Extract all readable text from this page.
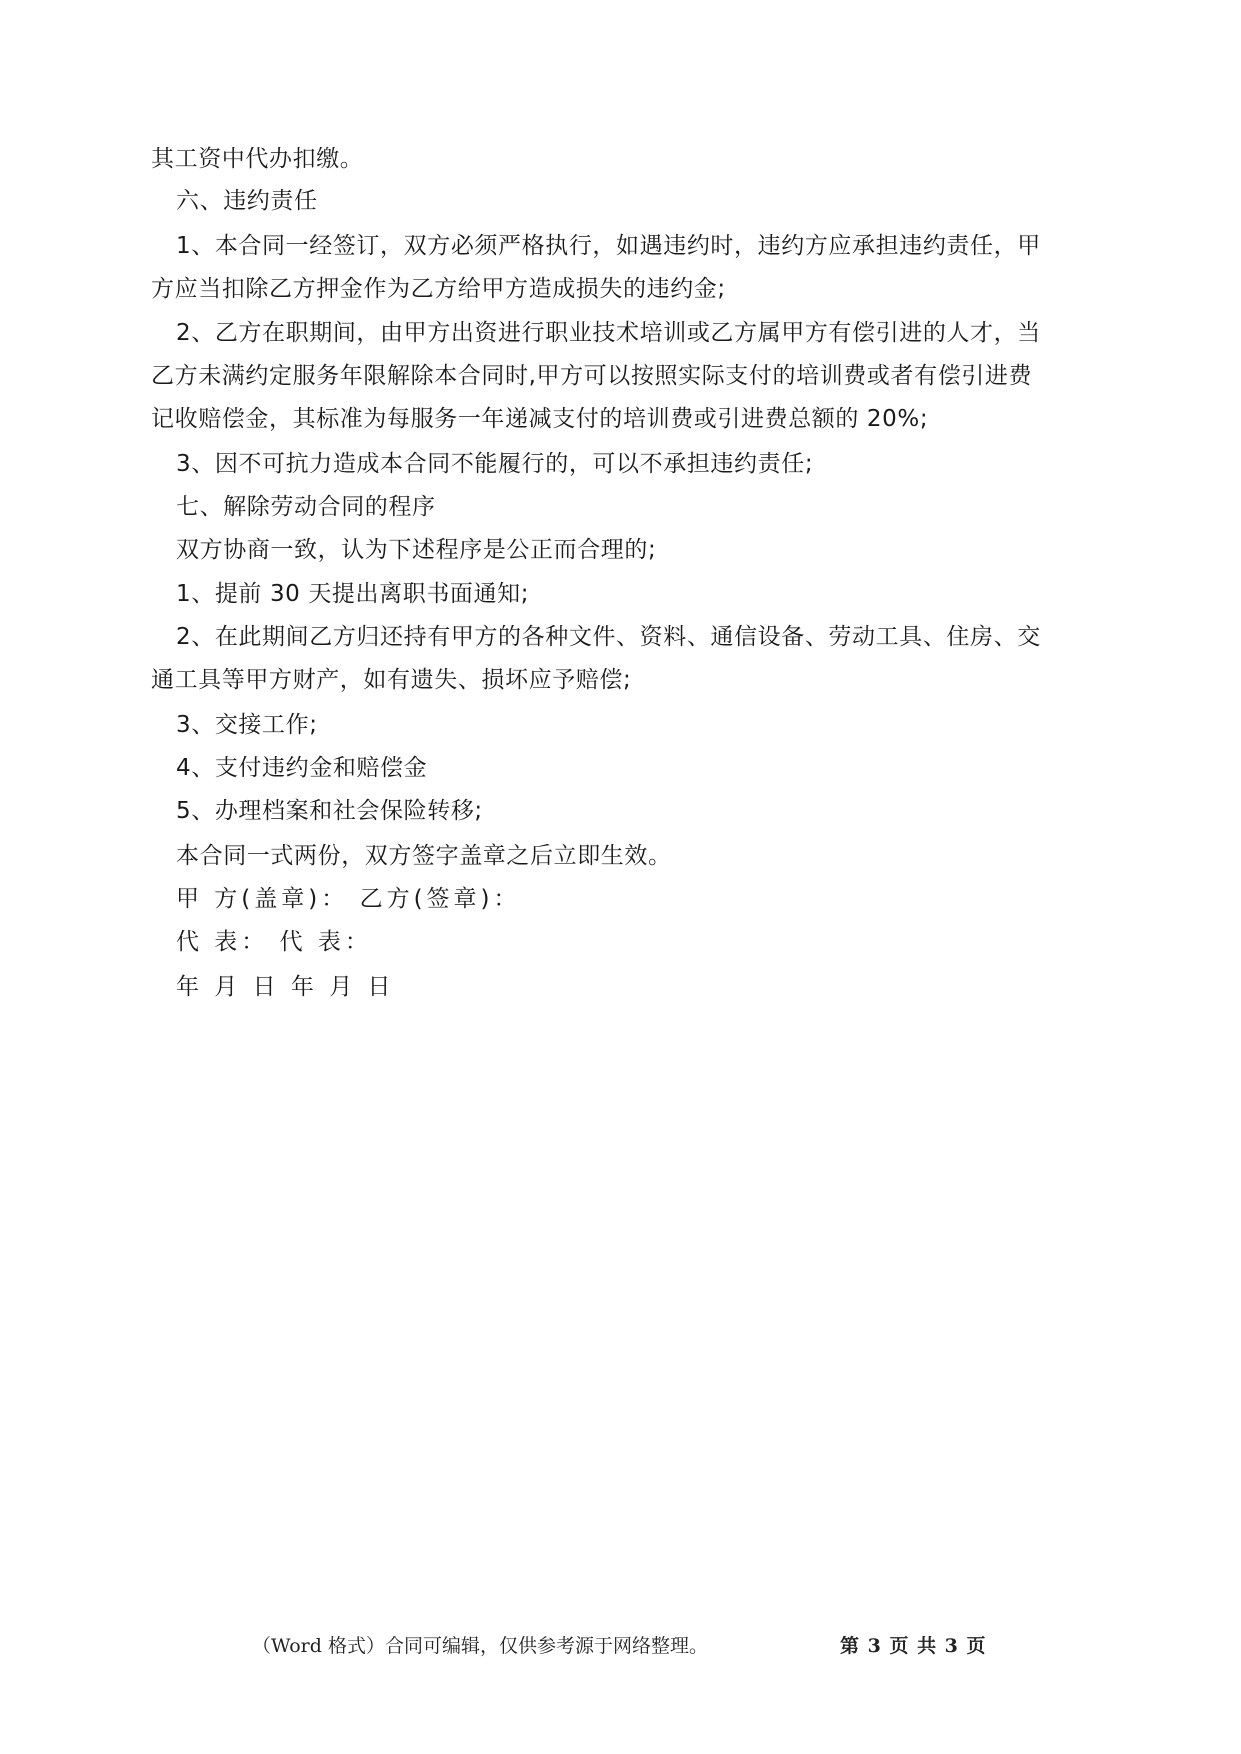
其工资中代办扣缴。
六、违约责任
1、本合同一经签订，双方必须严格执行，如遇违约时，违约方应承担违约责任，甲
方应当扣除乙方押金作为乙方给甲方造成损失的违约金;
2、乙方在职期间，由甲方出资进行职业技术培训或乙方属甲方有偿引进的人才，当
乙方未满约定服务年限解除本合同时,甲方可以按照实际支付的培训费或者有偿引进费
记收赔偿金，其标准为每服务一年递减支付的培训费或引进费总额的 20%;
3、因不可抗力造成本合同不能履行的，可以不承担违约责任;
七、解除劳动合同的程序
双方协商一致，认为下述程序是公正而合理的;
1、提前 30 天提出离职书面通知;
2、在此期间乙方归还持有甲方的各种文件、资料、通信设备、劳动工具、住房、交
通工具等甲方财产，如有遗失、损坏应予赔偿;
3、交接工作;
4、支付违约金和赔偿金
5、办理档案和社会保险转移;
本合同一式两份，双方签字盖章之后立即生效。
甲 方(盖章)： 乙方(签章)：
代 表： 代 表：
年 月 日 年 月 日
（Word 格式）合同可编辑，仅供参考源于网络整理。	第 3 页 共 3 页
